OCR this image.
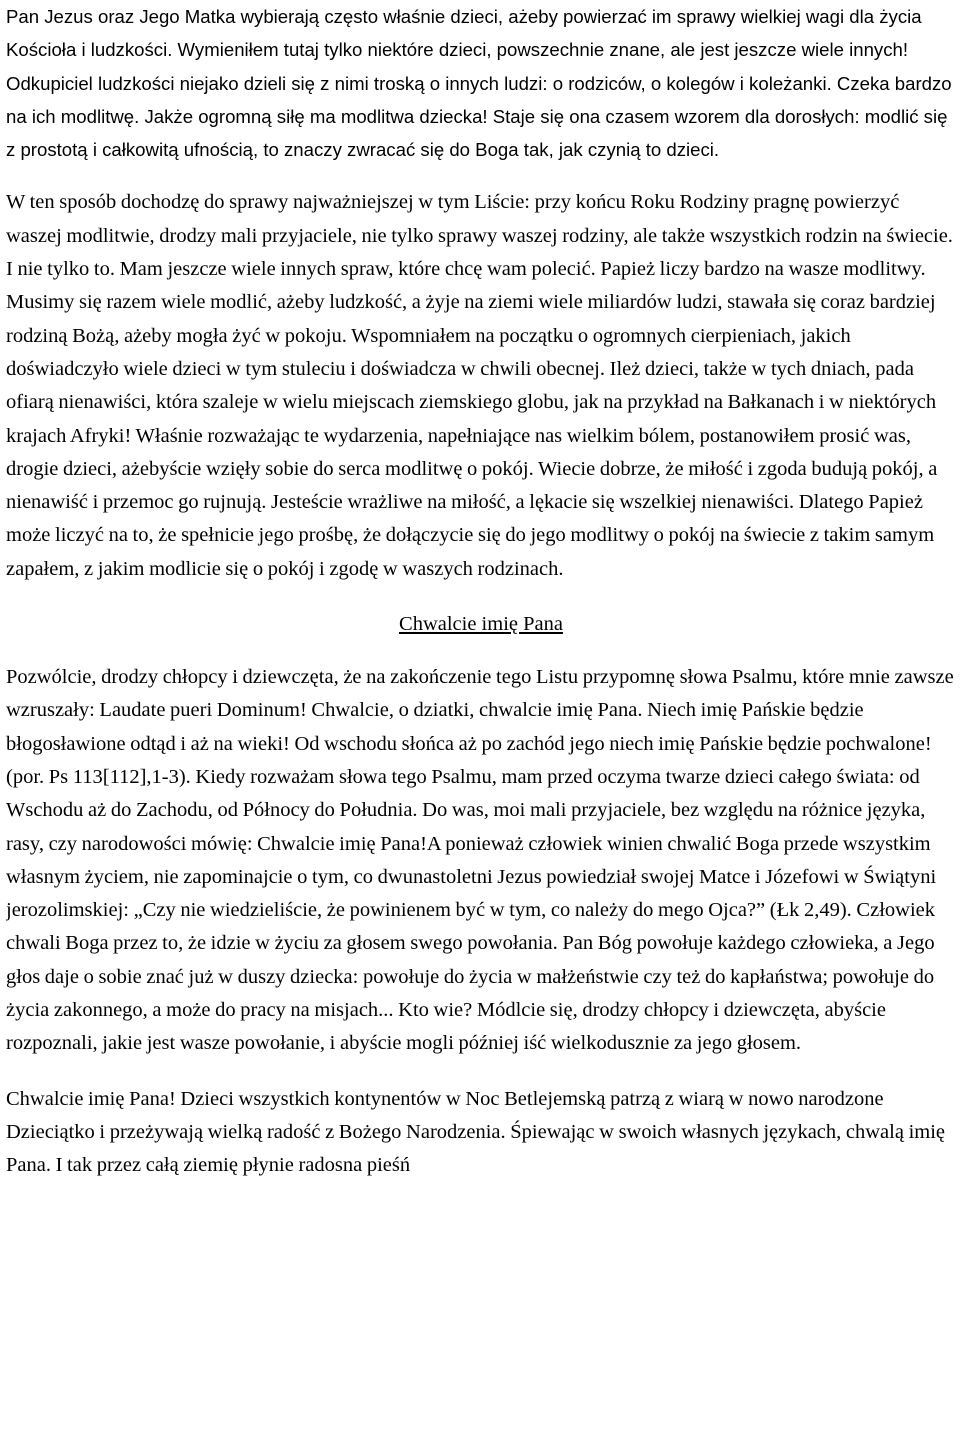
Pan Jezus oraz Jego Matka wybierają często właśnie dzieci, ażeby powierzać im sprawy wielkiej wagi dla życia Kościoła i ludzkości. Wymieniłem tutaj tylko niektóre dzieci, powszechnie znane, ale jest jeszcze wiele innych! Odkupiciel ludzkości niejako dzieli się z nimi troską o innych ludzi: o rodziców, o kolegów i koleżanki. Czeka bardzo na ich modlitwę. Jakże ogromną siłę ma modlitwa dziecka! Staje się ona czasem wzorem dla dorosłych: modlić się z prostotą i całkowitą ufnością, to znaczy zwracać się do Boga tak, jak czynią to dzieci.

W ten sposób dochodzę do sprawy najważniejszej w tym Liście: przy końcu Roku Rodziny pragnę powierzyć waszej modlitwie, drodzy mali przyjaciele, nie tylko sprawy waszej rodziny, ale także wszystkich rodzin na świecie. I nie tylko to. Mam jeszcze wiele innych spraw, które chcę wam polecić. Papież liczy bardzo na wasze modlitwy. Musimy się razem wiele modlić, ażeby ludzkość, a żyje na ziemi wiele miliardów ludzi, stawała się coraz bardziej rodziną Bożą, ażeby mogła żyć w pokoju. Wspomniałem na początku o ogromnych cierpieniach, jakich doświadczyło wiele dzieci w tym stuleciu i doświadcza w chwili obecnej. Ileż dzieci, także w tych dniach, pada ofiarą nienawiści, która szaleje w wielu miejscach ziemskiego globu, jak na przykład na Bałkanach i w niektórych krajach Afryki! Właśnie rozważając te wydarzenia, napełniające nas wielkim bólem, postanowiłem prosić was, drogie dzieci, ażebyście wzięły sobie do serca modlitwę o pokój. Wiecie dobrze, że miłość i zgoda budują pokój, a nienawiść i przemoc go rujnują. Jesteście wrażliwe na miłość, a lękacie się wszelkiej nienawiści. Dlatego Papież może liczyć na to, że spełnicie jego prośbę, że dołączycie się do jego modlitwy o pokój na świecie z takim samym zapałem, z jakim modlicie się o pokój i zgodę w waszych rodzinach.

Chwalcie imię Pana

Pozwólcie, drodzy chłopcy i dziewczęta, że na zakończenie tego Listu przypomnę słowa Psalmu, które mnie zawsze wzruszały: Laudate pueri Dominum! Chwalcie, o dziatki, chwalcie imię Pana. Niech imię Pańskie będzie błogosławione odtąd i aż na wieki! Od wschodu słońca aż po zachód jego niech imię Pańskie będzie pochwalone! (por. Ps 113[112],1-3). Kiedy rozważam słowa tego Psalmu, mam przed oczyma twarze dzieci całego świata: od Wschodu aż do Zachodu, od Północy do Południa. Do was, moi mali przyjaciele, bez względu na różnice języka, rasy, czy narodowości mówię: Chwalcie imię Pana!A ponieważ człowiek winien chwalić Boga przede wszystkim własnym życiem, nie zapominajcie o tym, co dwunastoletni Jezus powiedział swojej Matce i Józefowi w Świątyni jerozolimskiej: „Czy nie wiedzieliście, że powinienem być w tym, co należy do mego Ojca?” (Łk 2,49). Człowiek chwali Boga przez to, że idzie w życiu za głosem swego powołania. Pan Bóg powołuje każdego człowieka, a Jego głos daje o sobie znać już w duszy dziecka: powołuje do życia w małżeństwie czy też do kapłaństwa; powołuje do życia zakonnego, a może do pracy na misjach... Kto wie? Módlcie się, drodzy chłopcy i dziewczęta, abyście rozpoznali, jakie jest wasze powołanie, i abyście mogli później iść wielkodusznie za jego głosem.

Chwalcie imię Pana! Dzieci wszystkich kontynentów w Noc Betlejemską patrzą z wiarą w nowo narodzone Dzieciątko i przeżywają wielką radość z Bożego Narodzenia. Śpiewając w swoich własnych językach, chwalą imię Pana. I tak przez całą ziemię płynie radosna pieśń
